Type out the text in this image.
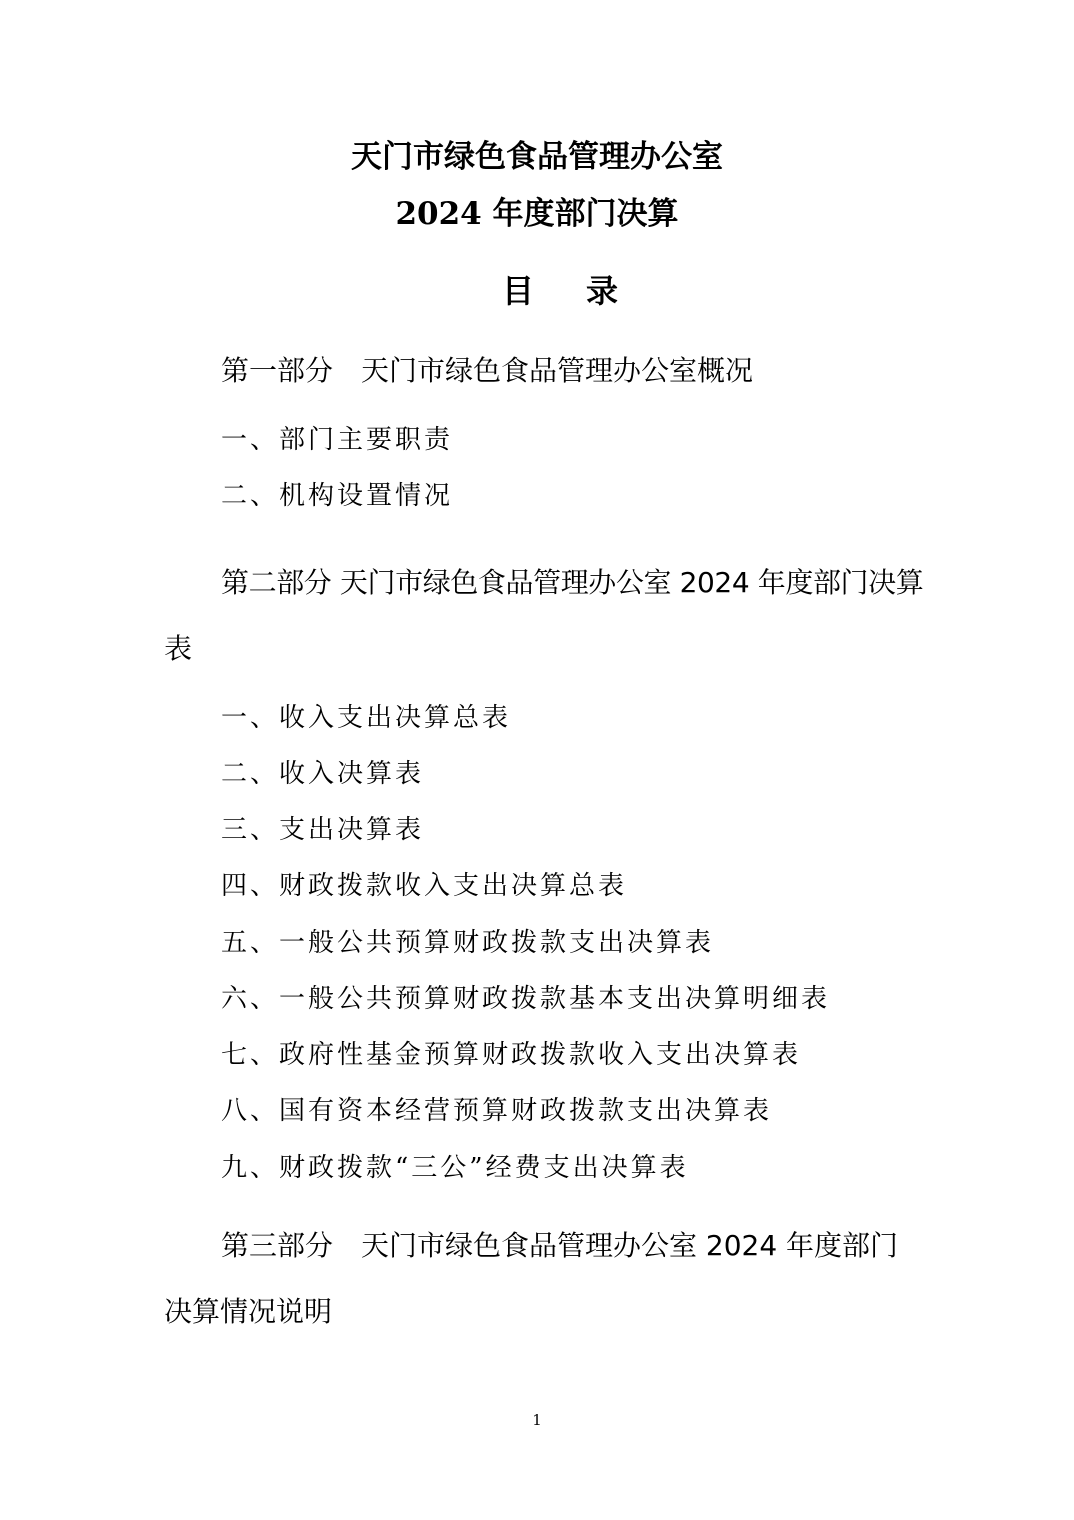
天门市绿色食品管理办公室
2024 年度部门决算
目录
第一部分　天门市绿色食品管理办公室概况
一、部门主要职责
二、机构设置情况
第二部分 天门市绿色食品管理办公室 2024 年度部门决算表
一、收入支出决算总表
二、收入决算表
三、支出决算表
四、财政拨款收入支出决算总表
五、一般公共预算财政拨款支出决算表
六、一般公共预算财政拨款基本支出决算明细表
七、政府性基金预算财政拨款收入支出决算表
八、国有资本经营预算财政拨款支出决算表
九、财政拨款“三公”经费支出决算表
第三部分　天门市绿色食品管理办公室 2024 年度部门决算情况说明
1
